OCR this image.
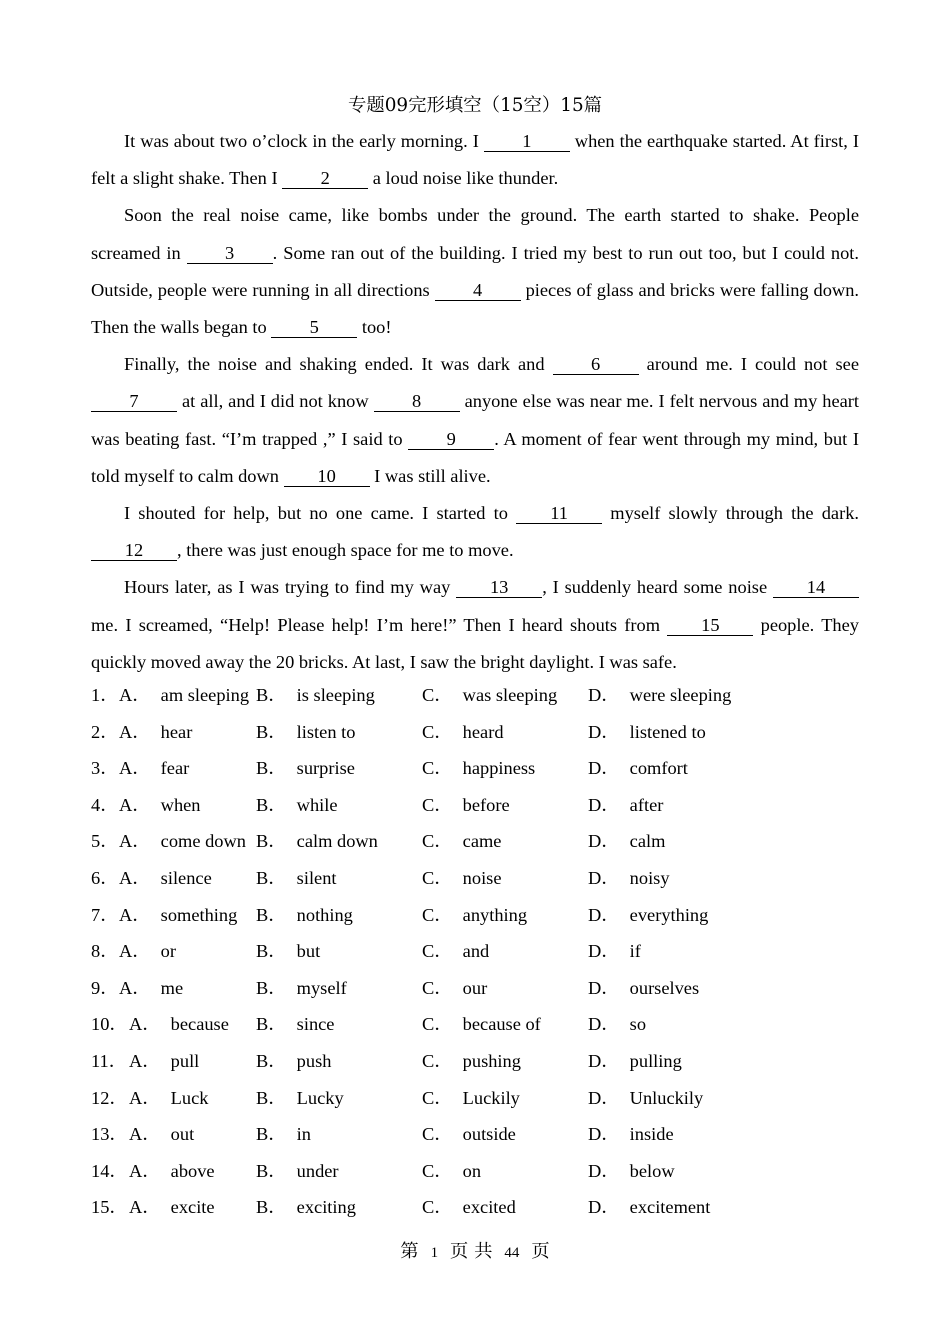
专题09完形填空（15空）15篇

It was about two o’clock in the early morning. I 1 when the earthquake started. At first, I felt a slight shake. Then I 2 a loud noise like thunder.

Soon the real noise came, like bombs under the ground. The earth started to shake. People screamed in 3 . Some ran out of the building. I tried my best to run out too, but I could not. Outside, people were running in all directions 4 pieces of glass and bricks were falling down. Then the walls began to 5 too!

Finally, the noise and shaking ended. It was dark and 6 around me. I could not see 7 at all, and I did not know 8 anyone else was near me. I felt nervous and my heart was beating fast. “I’m trapped ,” I said to 9 . A moment of fear went through my mind, but I told myself to calm down 10 I was still alive.

I shouted for help, but no one came. I started to 11 myself slowly through the dark. 12 , there was just enough space for me to move.

Hours later, as I was trying to find my way 13 , I suddenly heard some noise 14 me. I screamed, “Help! Please help! I’m here!” Then I heard shouts from 15 people. They quickly moved away the 20 bricks. At last, I saw the bright daylight. I was safe.

1． A． am sleeping B． is sleeping	C． was sleeping D． were sleeping
2． A． hear	B． listen to	C． heard	D． listened to
3． A． fear	B． surprise	C． happiness	D． comfort
4． A． when	B． while	C． before	D． after
5． A． come down B． calm down C． came	D． calm
6． A． silence B． silent	C． noise	D． noisy
7． A． something B． nothing	C． anything	D． everything
8． A． or	B． but	C． and	D． if
9． A． me	B． myself	C． our	D． ourselves
10． A． because B． since	C． because of	D． so
11． A． pull	B． push	C． pushing	D． pulling
12． A． Luck	B． Lucky	C． Luckily	D． Unluckily
13． A． out	B． in	C． outside	D． inside
14． A． above B． under	C． on	D． below
15． A． excite B． exciting	C． excited	D． excitement
第 1 页 共 44 页
